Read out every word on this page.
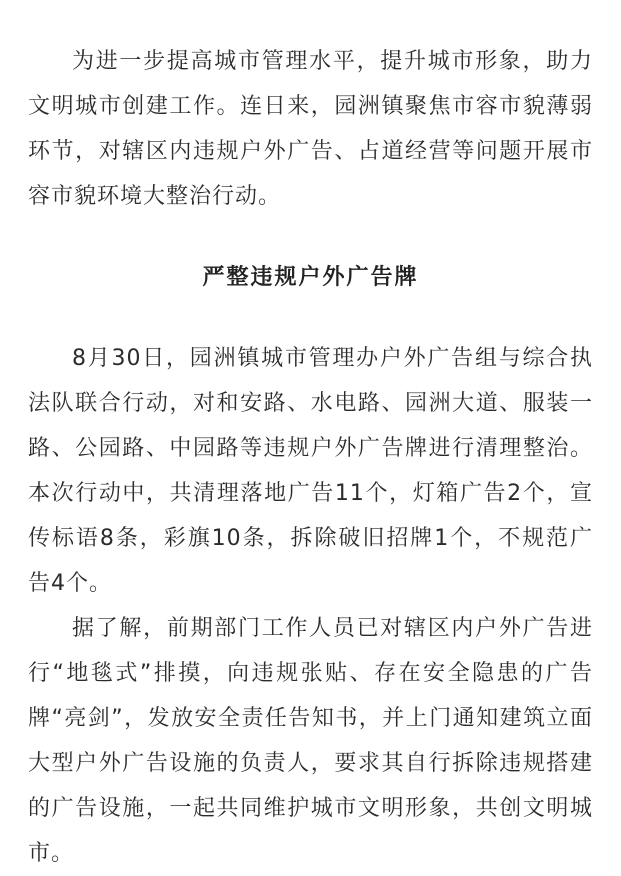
为进一步提高城市管理水平，提升城市形象，助力文明城市创建工作。连日来，园洲镇聚焦市容市貌薄弱环节，对辖区内违规户外广告、占道经营等问题开展市容市貌环境大整治行动。

严整违规户外广告牌

8月30日，园洲镇城市管理办户外广告组与综合执法队联合行动，对和安路、水电路、园洲大道、服装一路、公园路、中园路等违规户外广告牌进行清理整治。本次行动中，共清理落地广告11个，灯箱广告2个，宣传标语8条，彩旗10条，拆除破旧招牌1个，不规范广告4个。

据了解，前期部门工作人员已对辖区内户外广告进行“地毯式”排摸，向违规张贴、存在安全隐患的广告牌“亮剑”，发放安全责任告知书，并上门通知建筑立面大型户外广告设施的负责人，要求其自行拆除违规搭建的广告设施，一起共同维护城市文明形象，共创文明城市。
